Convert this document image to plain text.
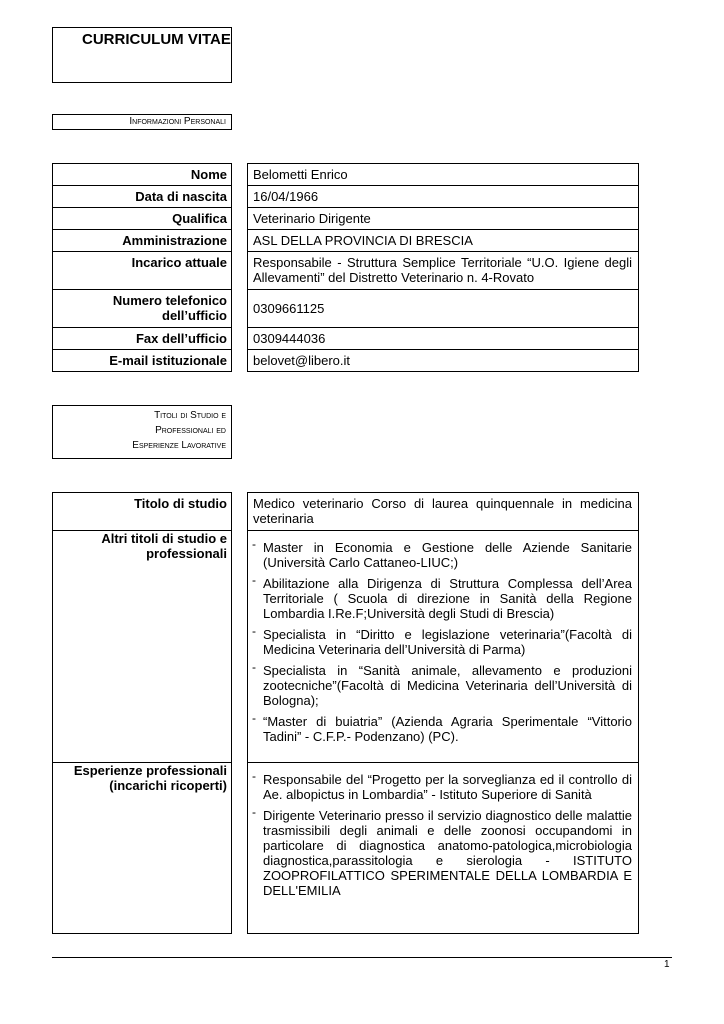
CURRICULUM VITAE
Informazioni Personali
Nome	Belometti Enrico
Data di nascita	16/04/1966
Qualifica	Veterinario Dirigente
Amministrazione	ASL DELLA PROVINCIA DI BRESCIA
Incarico attuale	Responsabile - Struttura Semplice Territoriale “U.O. Igiene degli Allevamenti” del Distretto Veterinario n. 4-Rovato
Numero telefonico
dell’ufficio	0309661125
Fax dell’ufficio	0309444036
E-mail istituzionale	belovet@libero.it
Titoli di Studio e
Professionali ed
Esperienze Lavorative
Titolo di studio	Medico veterinario Corso di laurea quinquennale in medicina veterinaria
Altri titoli di studio e
professionali	- Master in Economia e Gestione delle Aziende Sanitarie (Università Carlo Cattaneo-LIUC;)
- Abilitazione alla Dirigenza di Struttura Complessa dell’Area Territoriale ( Scuola di direzione in Sanità della Regione Lombardia I.Re.F;Università degli Studi di Brescia)
- Specialista in “Diritto e legislazione veterinaria”(Facoltà di Medicina Veterinaria dell’Università di Parma)
- Specialista in “Sanità animale, allevamento e produzioni zootecniche”(Facoltà di Medicina Veterinaria dell’Università di Bologna);
- “Master di buiatria” (Azienda Agraria Sperimentale “Vittorio Tadini” - C.F.P.- Podenzano) (PC).
Esperienze professionali
(incarichi ricoperti)	- Responsabile del “Progetto per la sorveglianza ed il controllo di Ae. albopictus in Lombardia” - Istituto Superiore di Sanità
- Dirigente Veterinario presso il servizio diagnostico delle malattie trasmissibili degli animali e delle zoonosi occupandomi in particolare di diagnostica anatomo-patologica,microbiologia diagnostica,parassitologia e sierologia - ISTITUTO ZOOPROFILATTICO SPERIMENTALE DELLA LOMBARDIA E DELL'EMILIA
1
